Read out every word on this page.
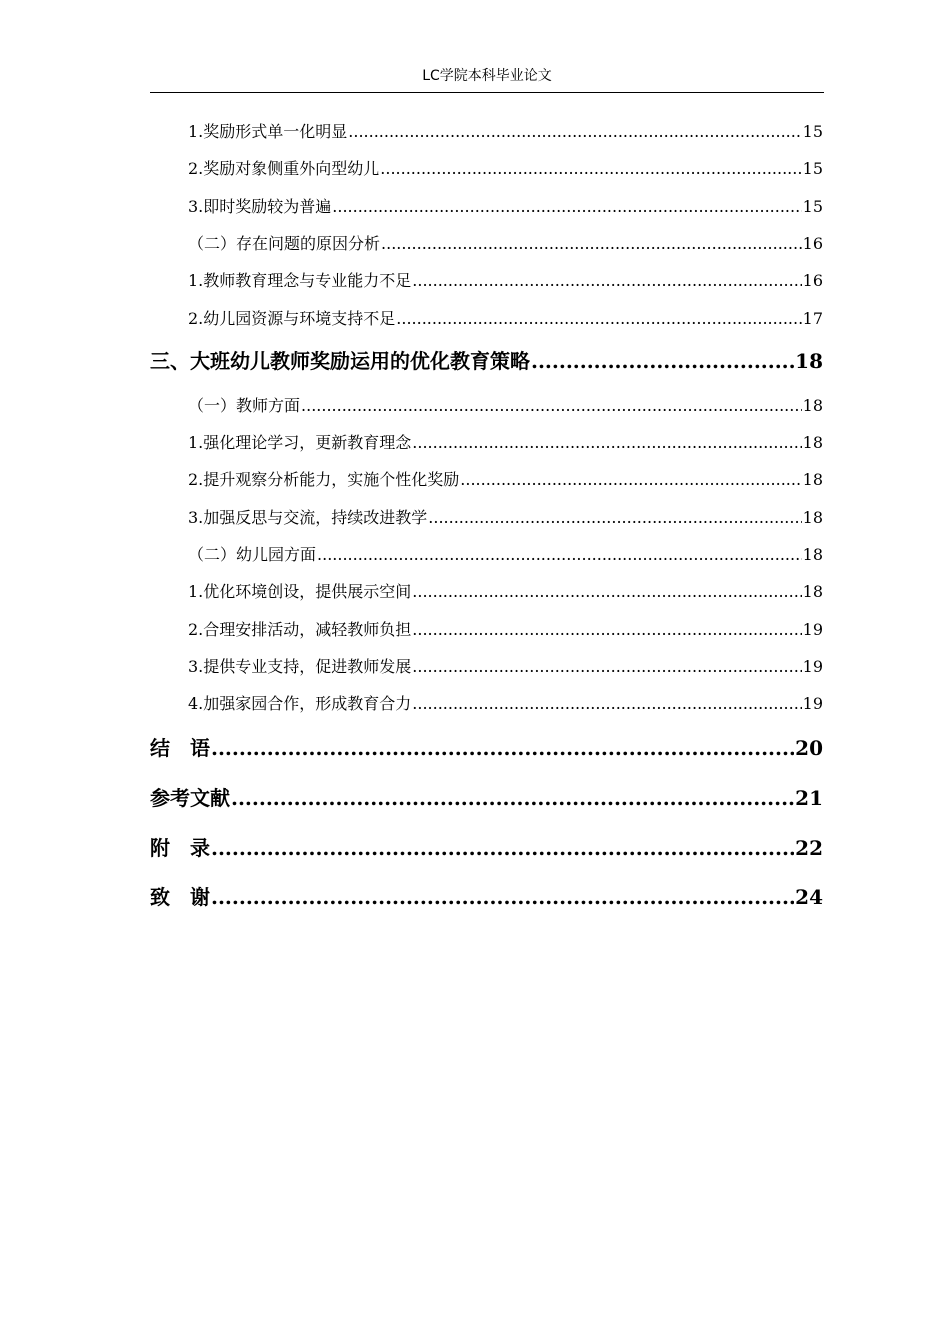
LC学院本科毕业论文
1.奖励形式单一化明显 .....	15
2.奖励对象侧重外向型幼儿 .....	15
3.即时奖励较为普遍 .....	15
（二）存在问题的原因分析 .....	16
1.教师教育理念与专业能力不足 .....	16
2.幼儿园资源与环境支持不足 .....	17
三、大班幼儿教师奖励运用的优化教育策略 .....	18
（一）教师方面 .....	18
1.强化理论学习，更新教育理念 .....	18
2.提升观察分析能力，实施个性化奖励 .....	18
3.加强反思与交流，持续改进教学 .....	18
（二）幼儿园方面 .....	18
1.优化环境创设，提供展示空间 .....	18
2.合理安排活动，减轻教师负担 .....	19
3.提供专业支持，促进教师发展 .....	19
4.加强家园合作，形成教育合力 .....	19
结　语 .....	20
参考文献 .....	21
附　录 .....	22
致　谢 .....	24
